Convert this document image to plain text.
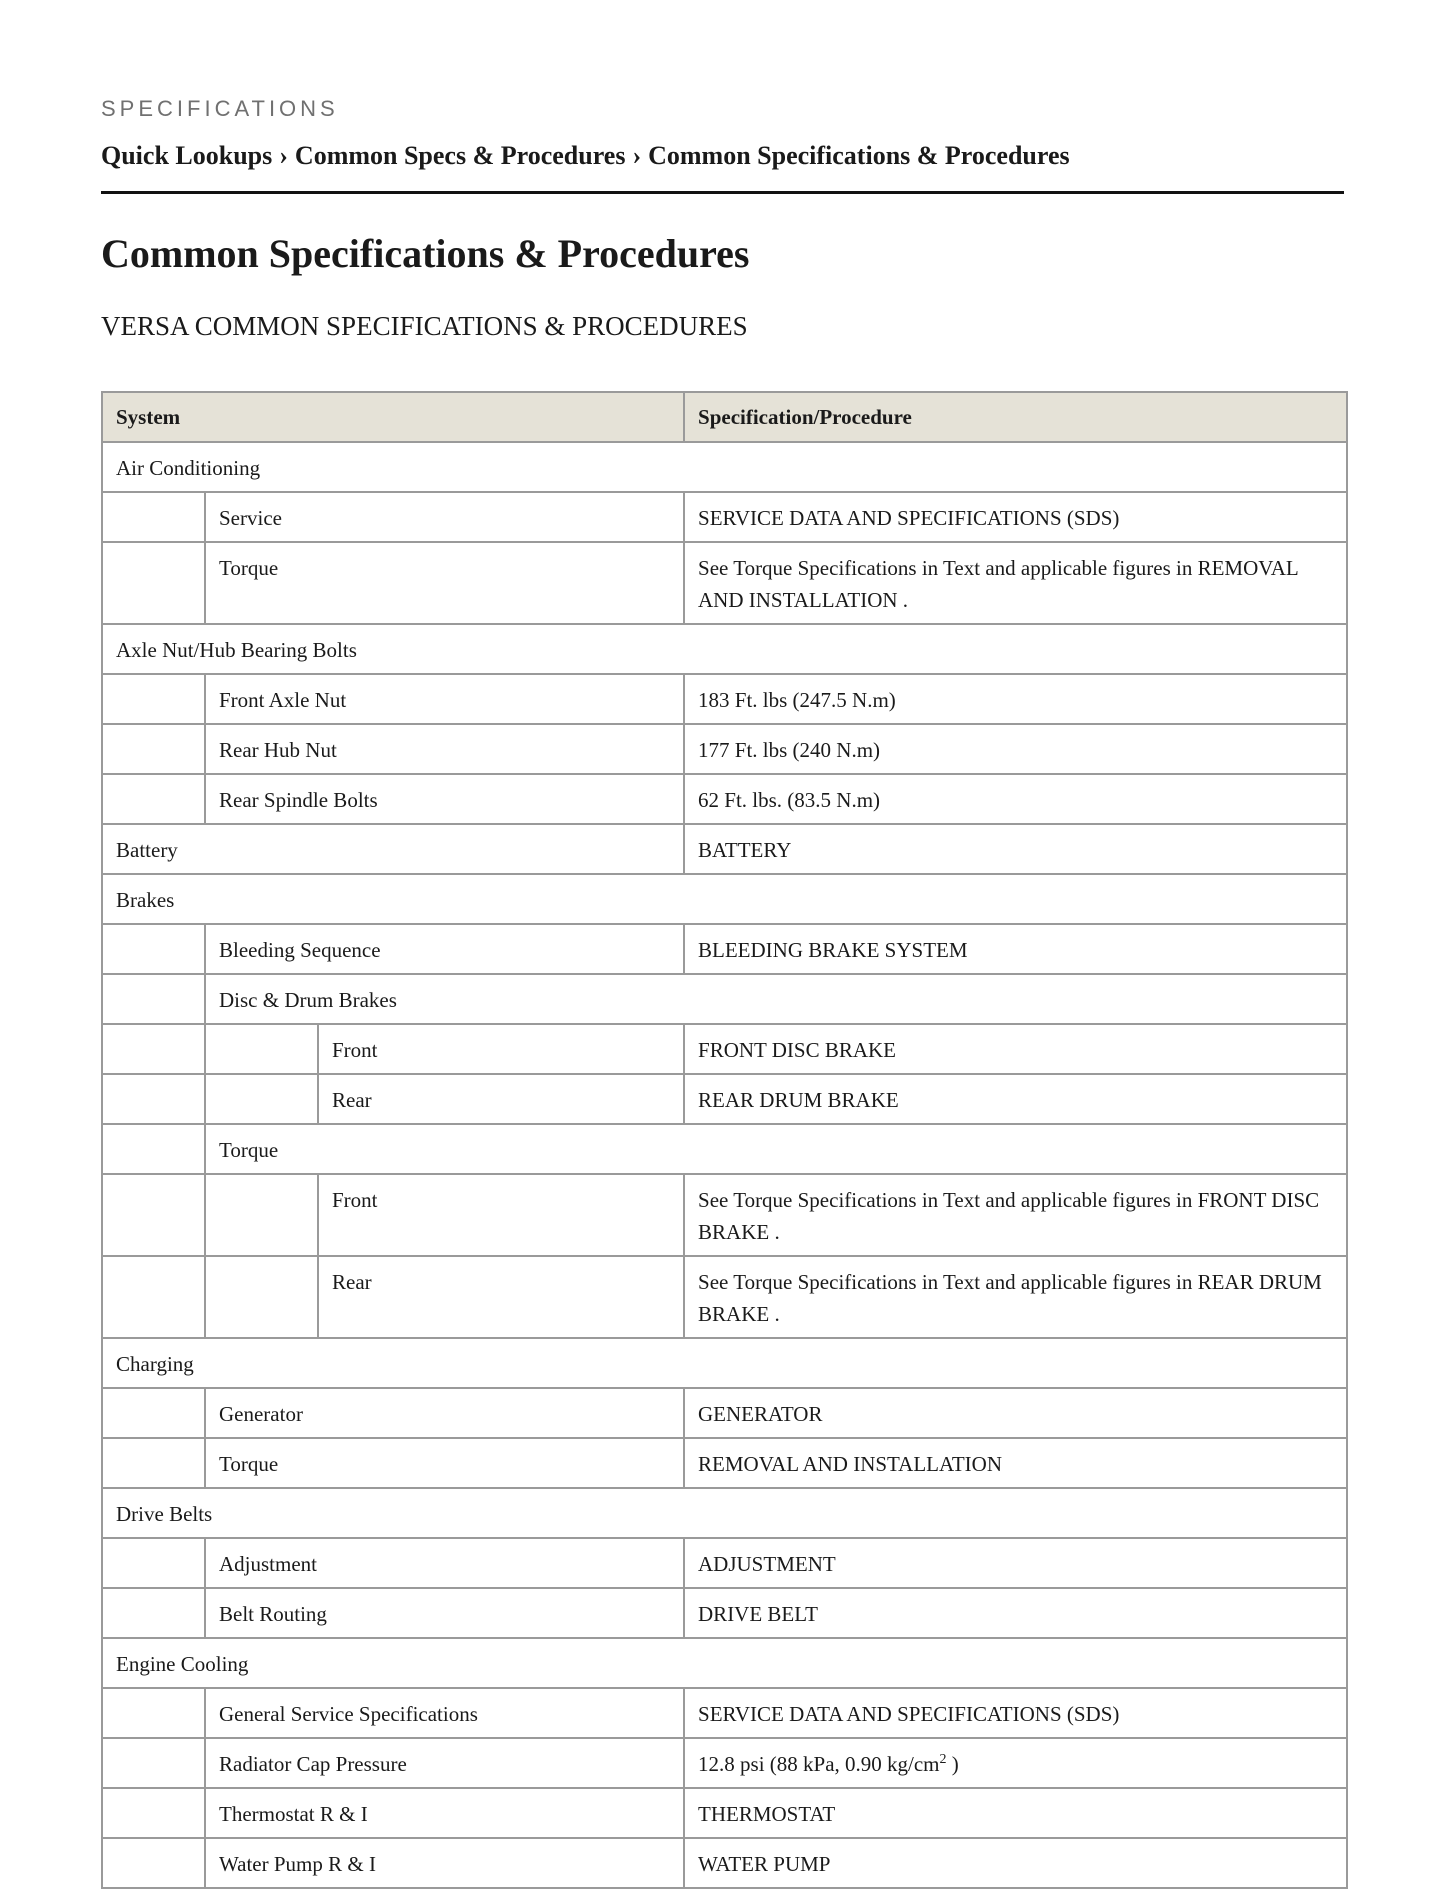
SPECIFICATIONS
Quick Lookups › Common Specs & Procedures › Common Specifications & Procedures
Common Specifications & Procedures
VERSA COMMON SPECIFICATIONS & PROCEDURES
System			Specification/Procedure
Air Conditioning			
	Service		SERVICE DATA AND SPECIFICATIONS (SDS)
	Torque		See Torque Specifications in Text and applicable figures in REMOVAL AND INSTALLATION .
Axle Nut/Hub Bearing Bolts			
	Front Axle Nut		183 Ft. lbs (247.5 N.m)
	Rear Hub Nut		177 Ft. lbs (240 N.m)
	Rear Spindle Bolts		62 Ft. lbs. (83.5 N.m)
Battery			BATTERY
Brakes			
	Bleeding Sequence		BLEEDING BRAKE SYSTEM
	Disc & Drum Brakes		
		Front	FRONT DISC BRAKE
		Rear	REAR DRUM BRAKE
	Torque		
		Front	See Torque Specifications in Text and applicable figures in FRONT DISC BRAKE .
		Rear	See Torque Specifications in Text and applicable figures in REAR DRUM BRAKE .
Charging			
	Generator		GENERATOR
	Torque		REMOVAL AND INSTALLATION
Drive Belts			
	Adjustment		ADJUSTMENT
	Belt Routing		DRIVE BELT
Engine Cooling			
	General Service Specifications		SERVICE DATA AND SPECIFICATIONS (SDS)
	Radiator Cap Pressure		12.8 psi (88 kPa, 0.90 $kg/cm^2$ )
	Thermostat R & I		THERMOSTAT
	Water Pump R & I		WATER PUMP
